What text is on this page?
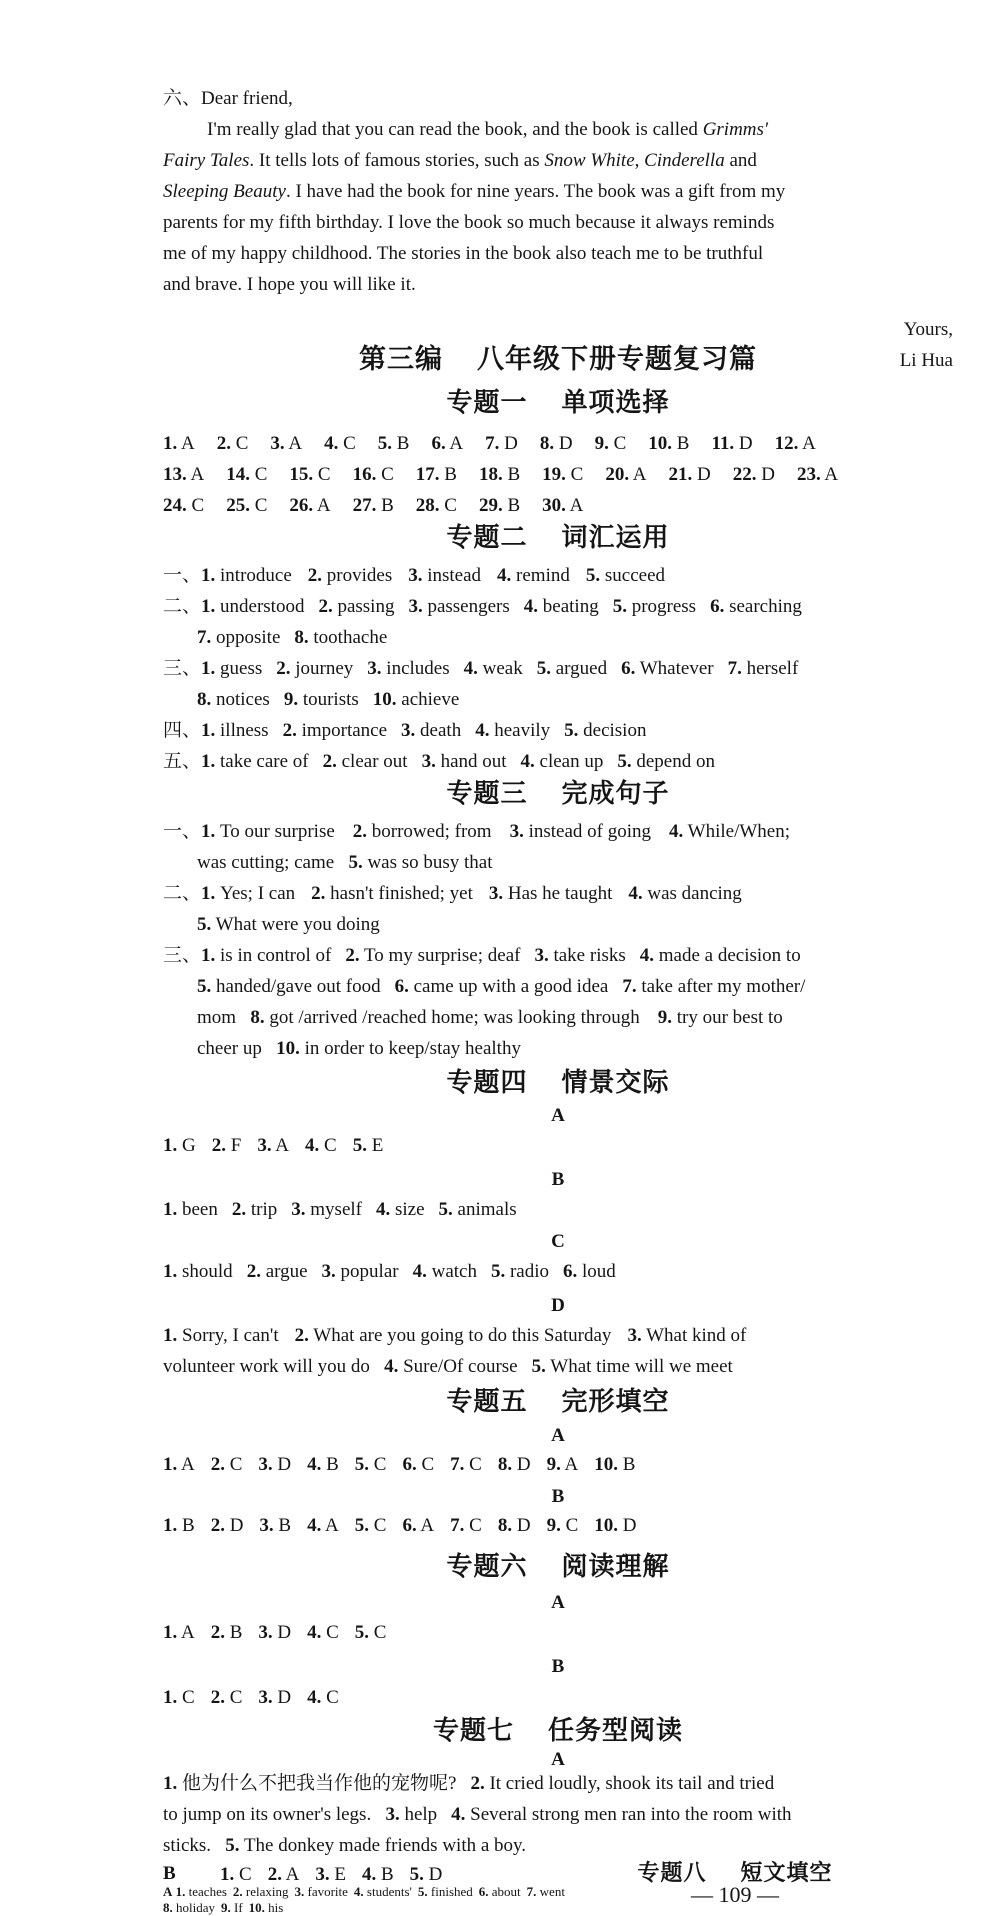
六、Dear friend,
I'm really glad that you can read the book, and the book is called Grimms'
Fairy Tales. It tells lots of famous stories, such as Snow White, Cinderella and
Sleeping Beauty. I have had the book for nine years. The book was a gift from my
parents for my fifth birthday. I love the book so much because it always reminds
me of my happy childhood. The stories in the book also teach me to be truthful
and brave. I hope you will like it.
Yours,
Li Hua
第三编 八年级下册专题复习篇
专题一 单项选择
1. A 2. C 3. A 4. C 5. B 6. A 7. D 8. D 9. C 10. B 11. D 12. A
13. A 14. C 15. C 16. C 17. B 18. B 19. C 20. A 21. D 22. D 23. A
24. C 25. C 26. A 27. B 28. C 29. B 30. A
专题二 词汇运用
一、1. introduce 2. provides 3. instead 4. remind 5. succeed
二、1. understood 2. passing 3. passengers 4. beating 5. progress 6. searching
7. opposite 8. toothache
三、1. guess 2. journey 3. includes 4. weak 5. argued 6. Whatever 7. herself
8. notices 9. tourists 10. achieve
四、1. illness 2. importance 3. death 4. heavily 5. decision
五、1. take care of 2. clear out 3. hand out 4. clean up 5. depend on
专题三 完成句子
一、1. To our surprise 2. borrowed; from 3. instead of going 4. While/When;
was cutting; came 5. was so busy that
二、1. Yes; I can 2. hasn't finished; yet 3. Has he taught 4. was dancing
5. What were you doing
三、1. is in control of 2. To my surprise; deaf 3. take risks 4. made a decision to
5. handed/gave out food 6. came up with a good idea 7. take after my mother/
mom 8. got /arrived /reached home; was looking through 9. try our best to
cheer up 10. in order to keep/stay healthy
专题四 情景交际
A
1. G 2. F 3. A 4. C 5. E
B
1. been 2. trip 3. myself 4. size 5. animals
C
1. should 2. argue 3. popular 4. watch 5. radio 6. loud
D
1. Sorry, I can't 2. What are you going to do this Saturday 3. What kind of
volunteer work will you do 4. Sure/Of course 5. What time will we meet
专题五 完形填空
A
1. A 2. C 3. D 4. B 5. C 6. C 7. C 8. D 9. A 10. B
B
1. B 2. D 3. B 4. A 5. C 6. A 7. C 8. D 9. C 10. D
专题六 阅读理解
A
1. A 2. B 3. D 4. C 5. C
B
1. C 2. C 3. D 4. C
专题七 任务型阅读
A
1. 他为什么不把我当作他的宠物呢? 2. It cried loudly, shook its tail and tried
to jump on its owner's legs. 3. help 4. Several strong men ran into the room with
sticks. 5. The donkey made friends with a boy.
B	1. C 2. A 3. E 4. B 5. D	专题八 短文填空
— 109 —
A 1. teaches 2. relaxing 3. favorite 4. students' 5. finished 6. about 7. went
8. holiday 9. If 10. his
